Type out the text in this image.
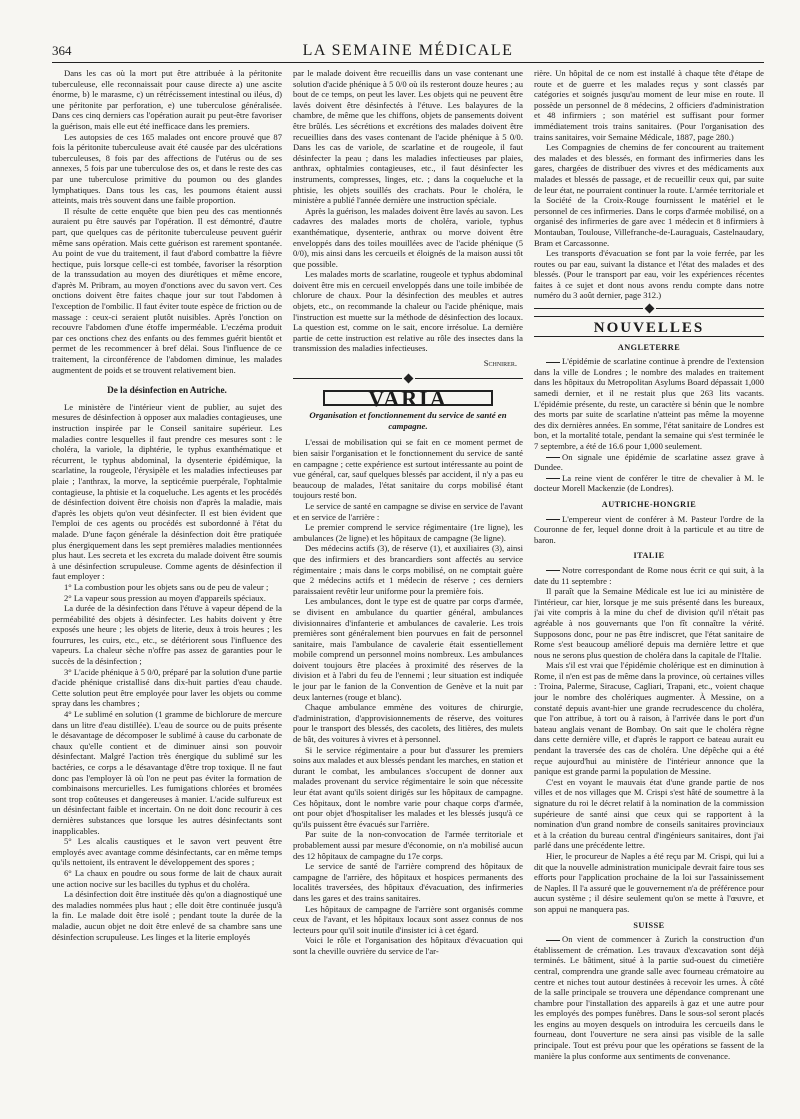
364	LA SEMAINE MÉDICALE

Dans les cas où la mort put être attribuée à la péritonite tuberculeuse, elle reconnaissait pour cause directe a) une ascite énorme, b) le marasme, c) un rétrécissement intestinal ou iléus, d) une péritonite par perforation, e) une tuberculose généralisée. Dans ces cinq derniers cas l'opération aurait pu peut-être favoriser la guérison, mais elle eut été inefficace dans les premiers.

Les autopsies de ces 165 malades ont encore prouvé que 87 fois la péritonite tuberculeuse avait été causée par des ulcérations tuberculeuses, 8 fois par des affections de l'utérus ou de ses annexes, 5 fois par une tuberculose des os, et dans le reste des cas par une tuberculose primitive du poumon ou des glandes lymphatiques. Dans tous les cas, les poumons étaient aussi atteints, mais très souvent dans une faible proportion.

Il résulte de cette enquête que bien peu des cas mentionnés auraient pu être sauvés par l'opération. Il est démontré, d'autre part, que quelques cas de péritonite tuberculeuse peuvent guérir même sans opération. Mais cette guérison est rarement spontanée. Au point de vue du traitement, il faut d'abord combattre la fièvre hectique, puis lorsque celle-ci est tombée, favoriser la résorption de la transsudation au moyen des diurétiques et même encore, d'après M. Pribram, au moyen d'onctions avec du savon vert. Ces onctions doivent être faites chaque jour sur tout l'abdomen à l'exception de l'ombilic. Il faut éviter toute espèce de friction ou de massage : ceux-ci seraient plutôt nuisibles. Après l'onction on recouvre l'abdomen d'une étoffe imperméable. L'eczéma produit par ces onctions chez des enfants ou des femmes guérit bientôt et permet de les recommencer à bref délai. Sous l'influence de ce traitement, la circonférence de l'abdomen diminue, les malades augmentent de poids et se trouvent relativement bien.

De la désinfection en Autriche.

Le ministère de l'intérieur vient de publier, au sujet des mesures de désinfection à opposer aux maladies contagieuses, une instruction inspirée par le Conseil sanitaire supérieur. Les maladies contre lesquelles il faut prendre ces mesures sont : le choléra, la variole, la diphtérie, le typhus exanthématique et récurrent, le typhus abdominal, la dysenterie épidémique, la scarlatine, la rougeole, l'érysipèle et les maladies infectieuses par plaie ; l'anthrax, la morve, la septicémie puerpérale, l'ophtalmie contagieuse, la phtisie et la coqueluche. Les agents et les procédés de désinfection doivent être choisis non d'après la maladie, mais d'après les objets qu'on veut désinfecter. Il est bien évident que l'emploi de ces agents ou procédés est subordonné à l'état du malade. D'une façon générale la désinfection doit être pratiquée plus énergiquement dans les sept premières maladies mentionnées plus haut. Les secreta et les excreta du malade doivent être soumis à une désinfection scrupuleuse. Comme agents de désinfection il faut employer :

1° La combustion pour les objets sans ou de peu de valeur ;

2° La vapeur sous pression au moyen d'appareils spéciaux.

La durée de la désinfection dans l'étuve à vapeur dépend de la perméabilité des objets à désinfecter. Les habits doivent y être exposés une heure ; les objets de literie, deux à trois heures ; les fourrures, les cuirs, etc., etc., se détériorent sous l'influence des vapeurs. La chaleur sèche n'offre pas assez de garanties pour le succès de la désinfection ;

3° L'acide phénique à 5 0/0, préparé par la solution d'une partie d'acide phénique cristallisé dans dix-huit parties d'eau chaude. Cette solution peut être employée pour laver les objets ou comme spray dans les chambres ;

4° Le sublimé en solution (1 gramme de bichlorure de mercure dans un litre d'eau distillée). L'eau de source ou de puits présente le désavantage de décomposer le sublimé à cause du carbonate de chaux qu'elle contient et de diminuer ainsi son pouvoir désinfectant. Malgré l'action très énergique du sublimé sur les bactéries, ce corps a le désavantage d'être trop toxique. Il ne faut donc pas l'employer là où l'on ne peut pas éviter la formation de combinaisons mercurielles. Les fumigations chlorées et bromées sont trop coûteuses et dangereuses à manier. L'acide sulfureux est un désinfectant faible et incertain. On ne doit donc recourir à ces dernières substances que lorsque les autres désinfectants sont inapplicables.

5° Les alcalis caustiques et le savon vert peuvent être employés avec avantage comme désinfectants, car en même temps qu'ils nettoient, ils entravent le développement des spores ;

6° La chaux en poudre ou sous forme de lait de chaux aurait une action nocive sur les bacilles du typhus et du choléra.

La désinfection doit être instituée dès qu'on a diagnostiqué une des maladies nommées plus haut ; elle doit être continuée jusqu'à la fin. Le malade doit être isolé ; pendant toute la durée de la maladie, aucun objet ne doit être enlevé de sa chambre sans une désinfection scrupuleuse. Les linges et la literie employés

par le malade doivent être recueillis dans un vase contenant une solution d'acide phénique à 5 0/0 où ils resteront douze heures ; au bout de ce temps, on peut les laver. Les objets qui ne peuvent être lavés doivent être désinfectés à l'étuve. Les balayures de la chambre, de même que les chiffons, objets de pansements doivent être brûlés. Les sécrétions et excrétions des malades doivent être recueillies dans des vases contenant de l'acide phénique à 5 0/0. Dans les cas de variole, de scarlatine et de rougeole, il faut désinfecter la peau ; dans les maladies infectieuses par plaies, anthrax, ophtalmies contagieuses, etc., il faut désinfecter les instruments, compresses, linges, etc. ; dans la coqueluche et la phtisie, les objets souillés des crachats. Pour le choléra, le ministère a publié l'année dernière une instruction spéciale.

Après la guérison, les malades doivent être lavés au savon. Les cadavres des malades morts de choléra, variole, typhus exanthématique, dysenterie, anthrax ou morve doivent être enveloppés dans des toiles mouillées avec de l'acide phénique (5 0/0), mis ainsi dans les cercueils et éloignés de la maison aussi tôt que possible.

Les malades morts de scarlatine, rougeole et typhus abdominal doivent être mis en cercueil enveloppés dans une toile imbibée de chlorure de chaux. Pour la désinfection des meubles et autres objets, etc., on recommande la chaleur ou l'acide phénique, mais l'instruction est muette sur la méthode de désinfection des locaux. La question est, comme on le sait, encore irrésolue. La dernière partie de cette instruction est relative au rôle des insectes dans la transmission des maladies infectieuses.

Schnirer.
VARIA
Organisation et fonctionnement du service de santé en campagne.

L'essai de mobilisation qui se fait en ce moment permet de bien saisir l'organisation et le fonctionnement du service de santé en campagne ; cette expérience est surtout intéressante au point de vue général, car, sauf quelques blessés par accident, il n'y a pas eu beaucoup de malades, l'état sanitaire du corps mobilisé étant toujours resté bon.

Le service de santé en campagne se divise en service de l'avant et en service de l'arrière :

Le premier comprend le service régimentaire (1re ligne), les ambulances (2e ligne) et les hôpitaux de campagne (3e ligne).

Des médecins actifs (3), de réserve (1), et auxiliaires (3), ainsi que des infirmiers et des brancardiers sont affectés au service régimentaire ; mais dans le corps mobilisé, on ne comptait guère que 2 médecins actifs et 1 médecin de réserve ; ces derniers paraissaient revêtir leur uniforme pour la première fois.

Les ambulances, dont le type est de quatre par corps d'armée, se divisent en ambulance du quartier général, ambulances divisionnaires d'infanterie et ambulances de cavalerie. Les trois premières sont généralement bien pourvues en fait de personnel sanitaire, mais l'ambulance de cavalerie était essentiellement mobile comprend un personnel moins nombreux. Les ambulances doivent toujours être placées à proximité des réserves de la division et à l'abri du feu de l'ennemi ; leur situation est indiquée le jour par le fanion de la Convention de Genève et la nuit par deux lanternes (rouge et blanc).

Chaque ambulance emmène des voitures de chirurgie, d'administration, d'approvisionnements de réserve, des voitures pour le transport des blessés, des cacolets, des litières, des mulets de bât, des voitures à vivres et à personnel.

Si le service régimentaire a pour but d'assurer les premiers soins aux malades et aux blessés pendant les marches, en station et durant le combat, les ambulances s'occupent de donner aux malades provenant du service régimentaire le soin que nécessite leur état avant qu'ils soient dirigés sur les hôpitaux de campagne. Ces hôpitaux, dont le nombre varie pour chaque corps d'armée, ont pour objet d'hospitaliser les malades et les blessés jusqu'à ce qu'ils puissent être évacués sur l'arrière.

Par suite de la non-convocation de l'armée territoriale et probablement aussi par mesure d'économie, on n'a mobilisé aucun des 12 hôpitaux de campagne du 17e corps.

Le service de santé de l'arrière comprend des hôpitaux de campagne de l'arrière, des hôpitaux et hospices permanents des localités traversées, des hôpitaux d'évacuation, des infirmeries dans les gares et des trains sanitaires.

Les hôpitaux de campagne de l'arrière sont organisés comme ceux de l'avant, et les hôpitaux locaux sont assez connus de nos lecteurs pour qu'il soit inutile d'insister ici à cet égard.

Voici le rôle et l'organisation des hôpitaux d'évacuation qui sont la cheville ouvrière du service de l'ar-

rière. Un hôpital de ce nom est installé à chaque tête d'étape de route et de guerre et les malades reçus y sont classés par catégories et soignés jusqu'au moment de leur mise en route. Il possède un personnel de 8 médecins, 2 officiers d'administration et 48 infirmiers ; son matériel est suffisant pour former immédiatement trois trains sanitaires. (Pour l'organisation des trains sanitaires, voir Semaine Médicale, 1887, page 280.)

Les Compagnies de chemins de fer concourent au traitement des malades et des blessés, en formant des infirmeries dans les gares, chargées de distribuer des vivres et des médicaments aux malades et blessés de passage, et de recueillir ceux qui, par suite de leur état, ne pourraient continuer la route. L'armée territoriale et la Société de la Croix-Rouge fournissent le matériel et le personnel de ces infirmeries. Dans le corps d'armée mobilisé, on a organisé des infirmeries de gare avec 1 médecin et 8 infirmiers à Montauban, Toulouse, Villefranche-de-Lauraguais, Castelnaudary, Bram et Carcassonne.

Les transports d'évacuation se font par la voie ferrée, par les routes ou par eau, suivant la distance et l'état des malades et des blessés. (Pour le transport par eau, voir les expériences récentes faites à ce sujet et dont nous avons rendu compte dans notre numéro du 3 août dernier, page 312.)

NOUVELLES
ANGLETERRE

L'épidémie de scarlatine continue à prendre de l'extension dans la ville de Londres ; le nombre des malades en traitement dans les hôpitaux du Metropolitan Asylums Board dépassait 1,000 samedi dernier, et il ne restait plus que 263 lits vacants. L'épidémie présente, du reste, un caractère si bénin que le nombre des morts par suite de scarlatine n'atteint pas même la moyenne des dix dernières années. En somme, l'état sanitaire de Londres est bon, et la mortalité totale, pendant la semaine qui s'est terminée le 7 septembre, a été de 16.6 pour 1,000 seulement.

On signale une épidémie de scarlatine assez grave à Dundee.

La reine vient de conférer le titre de chevalier à M. le docteur Morell Mackenzie (de Londres).

AUTRICHE-HONGRIE

L'empereur vient de conférer à M. Pasteur l'ordre de la Couronne de fer, lequel donne droit à la particule et au titre de baron.

ITALIE

Notre correspondant de Rome nous écrit ce qui suit, à la date du 11 septembre :

Il paraît que la Semaine Médicale est lue ici au ministère de l'intérieur, car hier, lorsque je me suis présenté dans les bureaux, j'ai vite compris à la mine du chef de division qu'il n'était pas agréable à nos gouvernants que l'on fît connaître la vérité. Supposons donc, pour ne pas être indiscret, que l'état sanitaire de Rome s'est beaucoup amélioré depuis ma dernière lettre et que nous ne serons plus question de choléra dans la capitale de l'Italie.

Mais s'il est vrai que l'épidémie cholérique est en diminution à Rome, il n'en est pas de même dans la province, où certaines villes : Troina, Palerme, Siracuse, Cagliari, Trapani, etc., voient chaque jour le nombre des cholériques augmenter. À Messine, on a constaté depuis avant-hier une grande recrudescence du choléra, que l'on attribue, à tort ou à raison, à l'arrivée dans le port d'un bateau anglais venant de Bombay. On sait que le choléra règne dans cette dernière ville, et d'après le rapport ce bateau aurait eu pendant la traversée des cas de choléra. Une dépêche qui a été reçue aujourd'hui au ministère de l'intérieur annonce que la panique est grande parmi la population de Messine.

C'est en voyant le mauvais état d'une grande partie de nos villes et de nos villages que M. Crispi s'est hâté de soumettre à la signature du roi le décret relatif à la nomination de la commission supérieure de santé ainsi que ceux qui se rapportent à la nomination d'un grand nombre de conseils sanitaires provinciaux et à la création du bureau central d'ingénieurs sanitaires, dont j'ai parlé dans une précédente lettre.

Hier, le procureur de Naples a été reçu par M. Crispi, qui lui a dit que la nouvelle administration municipale devrait faire tous ses efforts pour l'application prochaine de la loi sur l'assainissement de Naples. Il l'a assuré que le gouvernement n'a de préférence pour aucun système ; il désire seulement qu'on se mette à l'œuvre, et son appui ne manquera pas.

SUISSE

On vient de commencer à Zurich la construction d'un établissement de crémation. Les travaux d'excavation sont déjà terminés. Le bâtiment, situé à la partie sud-ouest du cimetière central, comprendra une grande salle avec fourneau crématoire au centre et niches tout autour destinées à recevoir les urnes. À côté de la salle principale se trouvera une dépendance comprenant une chambre pour l'installation des appareils à gaz et une autre pour les employés des pompes funèbres. Dans le sous-sol seront placés les engins au moyen desquels on introduira les cercueils dans le fourneau, dont l'ouverture ne sera ainsi pas visible de la salle principale. Tout est prévu pour que les opérations se fassent de la manière la plus conforme aux sentiments de convenance.
